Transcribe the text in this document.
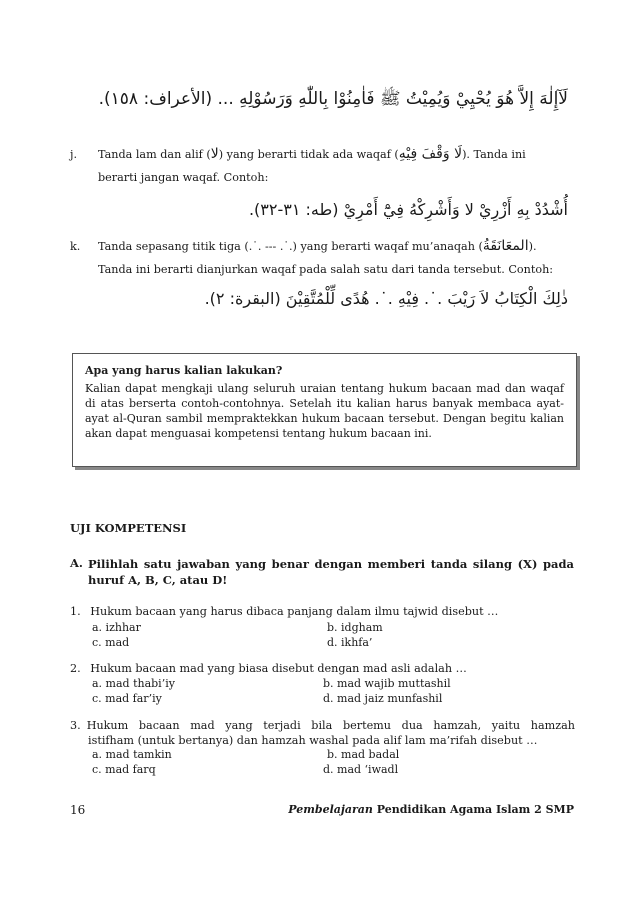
لَآإِلٰهَ إِلاَّ هُوَ يُحْيِيْ وَيُمِيْتُ ﷺ فَاٰمِنُوْا بِاللّٰهِ وَرَسُوْلِهِ ... (الأعراف: ١٥٨).
j. Tanda lam dan alif (لا) yang berarti tidak ada waqaf (لَا وَقْفَ فِيْهِ). Tanda ini
berarti jangan waqaf. Contoh:
أُشْدُدْ بِهِ أَزْرِيْ لا وَأَشْرِكْهُ فِيْٓ أَمْرِيْ (طه: ٣١-٣٢).
k. Tanda sepasang titik tiga (.˙. --- .˙.) yang berarti waqaf mu’anaqah (المعَانَقَةُ).
Tanda ini berarti dianjurkan waqaf pada salah satu dari tanda tersebut. Contoh:
ذٰلِكَ الْكِتَابُ لاَ رَيْبَ .˙. فِيْهِ .˙. هُدًى لِّلْمُتَّقِيْنَ (البقرة: ٢).
Apa yang harus kalian lakukan?
Kalian dapat mengkaji ulang seluruh uraian tentang hukum bacaan mad dan waqaf di atas berserta contoh-contohnya. Setelah itu kalian harus banyak membaca ayat-ayat al-Quran sambil mempraktekkan hukum bacaan tersebut. Dengan begitu kalian akan dapat menguasai kompetensi tentang hukum bacaan ini.
UJI KOMPETENSI
A. Pilihlah satu jawaban yang benar dengan memberi tanda silang (X) pada
huruf A, B, C, atau D!
1. Hukum bacaan yang harus dibaca panjang dalam ilmu tajwid disebut …
a. izhhar	b. idgham
c. mad	d. ikhfa’
2. Hukum bacaan mad yang biasa disebut dengan mad asli adalah …
a. mad thabi’iy	b. mad wajib muttashil
c. mad far’iy	d. mad jaiz munfashil
3. Hukum bacaan mad yang terjadi bila bertemu dua hamzah, yaitu hamzah
istifham (untuk bertanya) dan hamzah washal pada alif lam ma’rifah disebut …
a. mad tamkin	b. mad badal
c. mad farq	d. mad ‘iwadl
16	Pembelajaran Pendidikan Agama Islam 2 SMP
